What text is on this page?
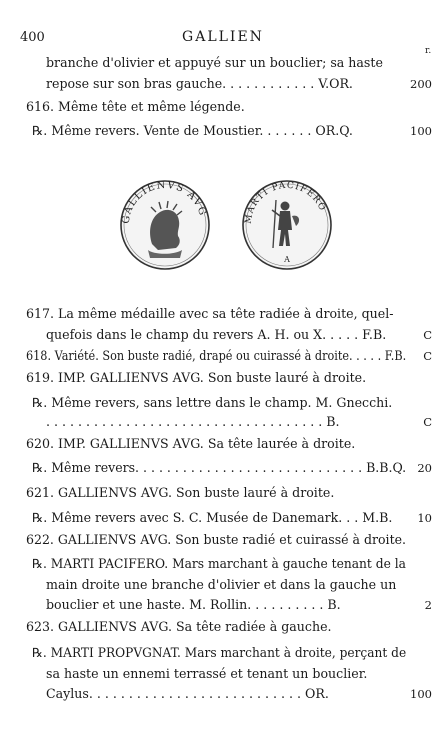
400	GALLIEN
r.
GALLIENVS AVG
MARTI PACIFERO
A
branche d'olivier et appuyé sur un bouclier; sa haste
repose sur son bras gauche. . . . . . . . . . . . V.OR.	200
616. Même tête et même légende.
℞. Même revers. Vente de Moustier. . . . . . . OR.Q.	100
617. La même médaille avec sa tête radiée à droite, quel-
quefois dans le champ du revers A. H. ou X. . . . . F.B.	C
618. Variété. Son buste radié, drapé ou cuirassé à droite. . . . . F.B. C
619. IMP. GALLIENVS AVG. Son buste lauré à droite.
℞. Même revers, sans lettre dans le champ. M. Gnecchi.
. . . . . . . . . . . . . . . . . . . . . . . . . . . . . . . . . . . B.	C
620. IMP. GALLIENVS AVG. Sa tête laurée à droite.
℞. Même revers. . . . . . . . . . . . . . . . . . . . . . . . . . . . . B.B.Q. 20
621. GALLIENVS AVG. Son buste lauré à droite.
℞. Même revers avec S. C. Musée de Danemark. . . M.B. 10
622. GALLIENVS AVG. Son buste radié et cuirassé à droite.
℞. MARTI PACIFERO. Mars marchant à gauche tenant de la
main droite une branche d'olivier et dans la gauche un
bouclier et une haste. M. Rollin. . . . . . . . . . B.	2
623. GALLIENVS AVG. Sa tête radiée à gauche.
℞. MARTI PROPVGNAT. Mars marchant à droite, perçant de
sa haste un ennemi terrassé et tenant un bouclier.
Caylus. . . . . . . . . . . . . . . . . . . . . . . . . . . OR.	100
